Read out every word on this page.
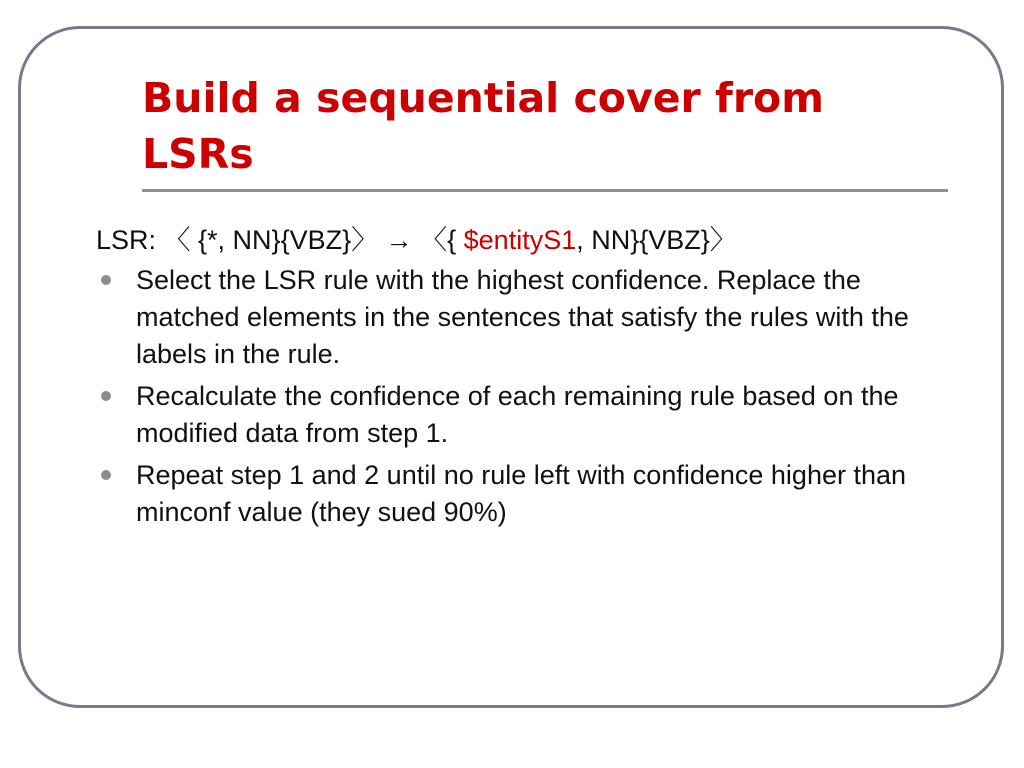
Build a sequential cover from LSRs

LSR: 〈 {*, NN}{VBZ}〉 → 〈{ $entityS1, NN}{VBZ}〉

Select the LSR rule with the highest confidence. Replace the matched elements in the sentences that satisfy the rules with the labels in the rule.
Recalculate the confidence of each remaining rule based on the modified data from step 1.
Repeat step 1 and 2 until no rule left with confidence higher than minconf value (they sued 90%)
